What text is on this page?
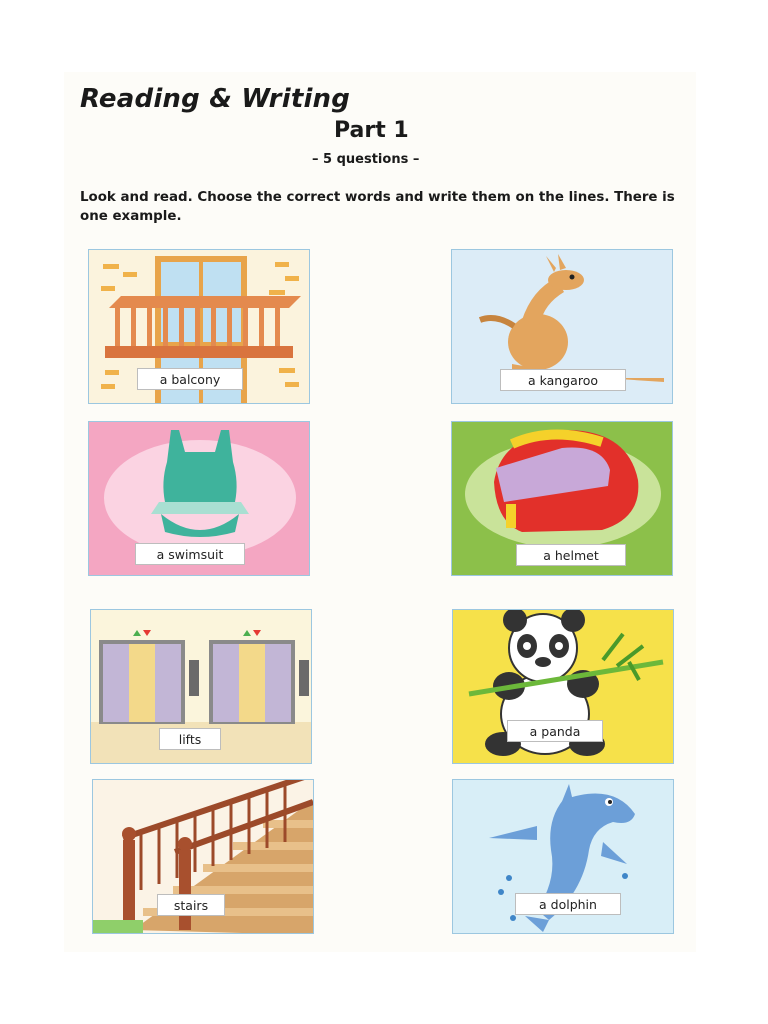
Reading & Writing
Part 1
– 5 questions –
Look and read. Choose the correct words and write them on the lines. There is one example.
a balcony	a kangaroo
a swimsuit	a helmet
lifts
a panda
stairs	a dolphin
